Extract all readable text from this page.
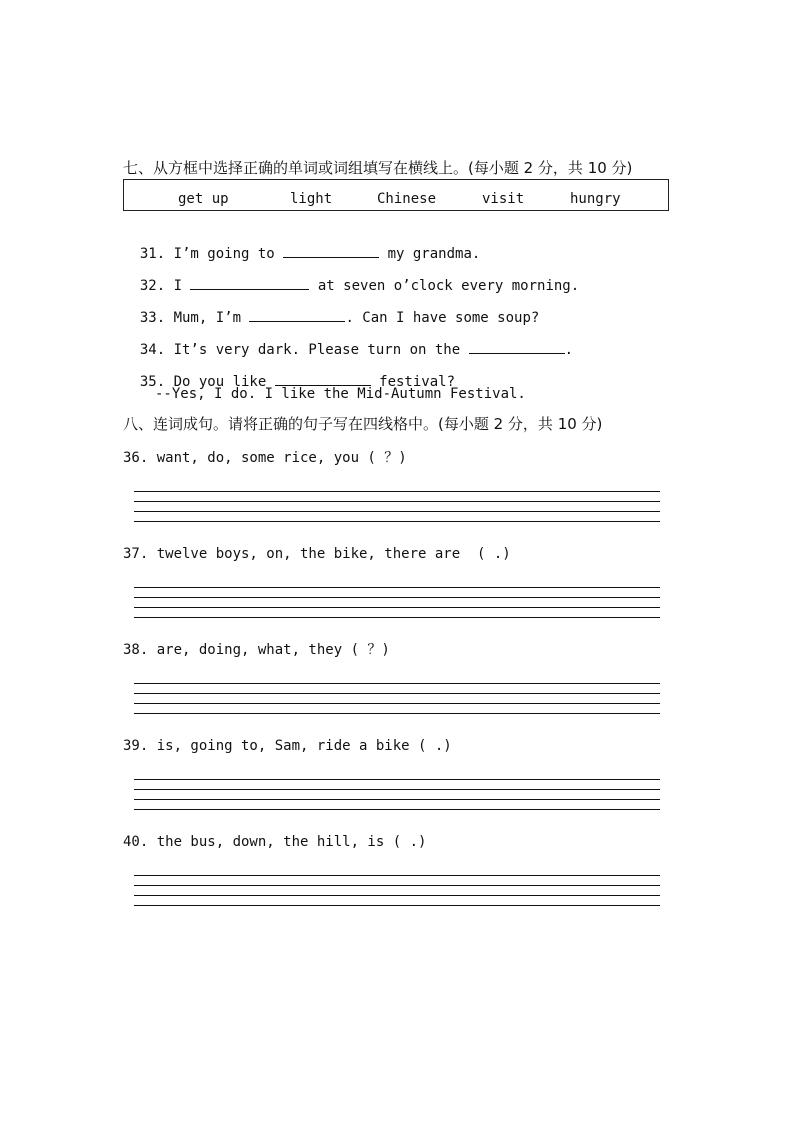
七、从方框中选择正确的单词或词组填写在横线上。(每小题 2 分，共 10 分)
get up	light	Chinese	visit	hungry

31. I’m going to	my grandma.

32. I	at seven o’clock every morning.

33. Mum, I’m	. Can I have some soup?

34. It’s very dark. Please turn on the	.

35. Do you like	festival?

--Yes, I do. I like the Mid-Autumn Festival.
八、连词成句。请将正确的句子写在四线格中。(每小题 2 分，共 10 分)
36. want, do, some rice, you ( ？)
37. twelve boys, on, the bike, there are  ( .)
38. are, doing, what, they ( ？)
39. is, going to, Sam, ride a bike ( .)
40. the bus, down, the hill, is ( .)
